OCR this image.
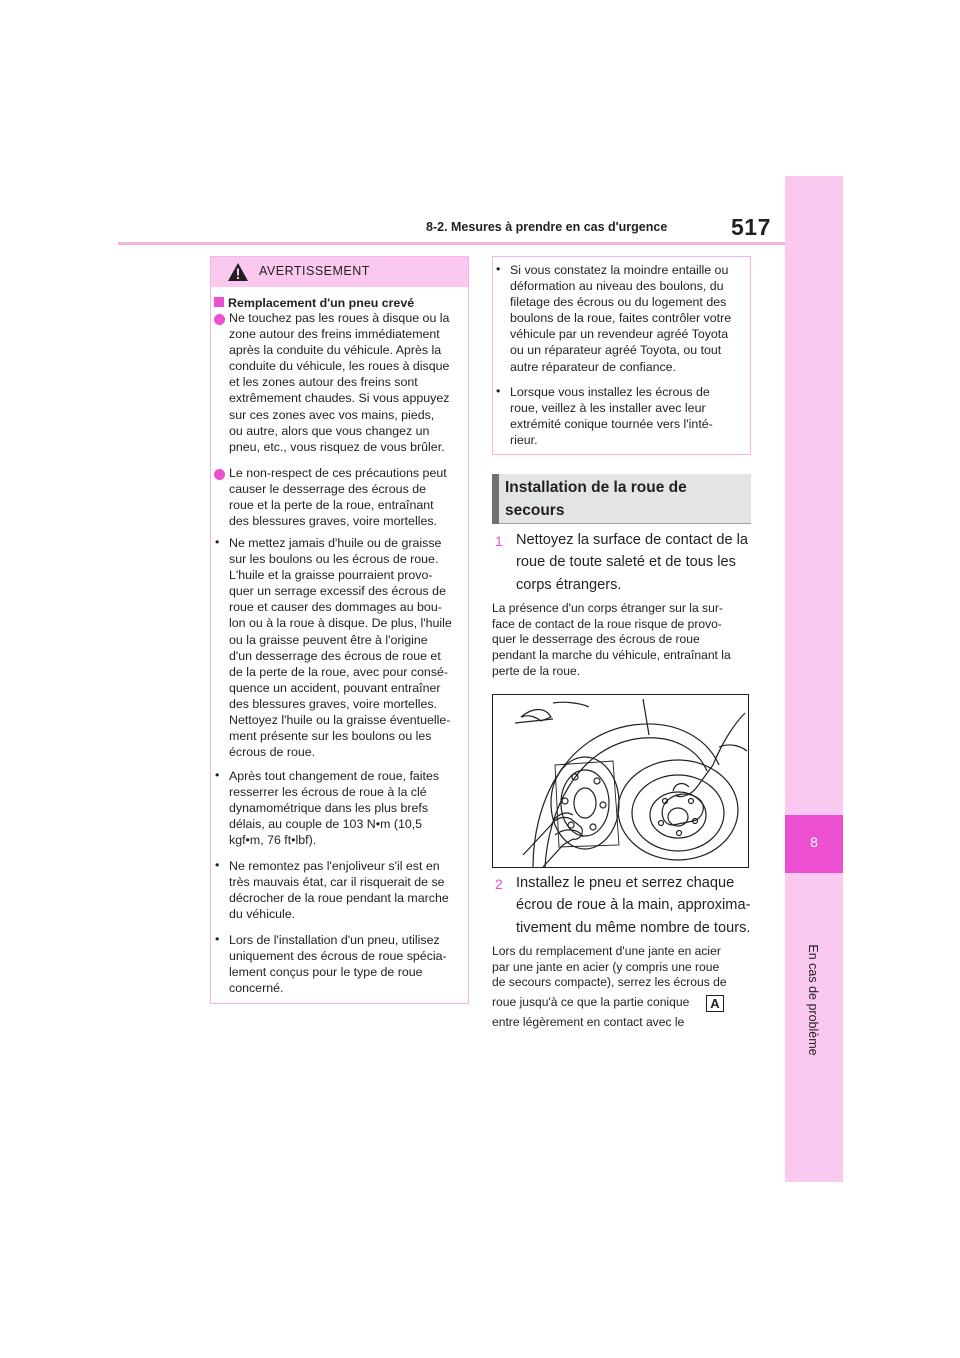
8-2. Mesures à prendre en cas d'urgence	517
8
En cas de problème
AVERTISSEMENT
Remplacement d'un pneu crevé
Ne touchez pas les roues à disque ou la
zone autour des freins immédiatement
après la conduite du véhicule. Après la
conduite du véhicule, les roues à disque
et les zones autour des freins sont
extrêmement chaudes. Si vous appuyez
sur ces zones avec vos mains, pieds,
ou autre, alors que vous changez un
pneu, etc., vous risquez de vous brûler.
Le non-respect de ces précautions peut
causer le desserrage des écrous de
roue et la perte de la roue, entraînant
des blessures graves, voire mortelles.
• Ne mettez jamais d'huile ou de graisse
sur les boulons ou les écrous de roue.
L'huile et la graisse pourraient provo-
quer un serrage excessif des écrous de
roue et causer des dommages au bou-
lon ou à la roue à disque. De plus, l'huile
ou la graisse peuvent être à l'origine
d'un desserrage des écrous de roue et
de la perte de la roue, avec pour consé-
quence un accident, pouvant entraîner
des blessures graves, voire mortelles.
Nettoyez l'huile ou la graisse éventuelle-
ment présente sur les boulons ou les
écrous de roue.
• Après tout changement de roue, faites
resserrer les écrous de roue à la clé
dynamométrique dans les plus brefs
délais, au couple de 103 N•m (10,5
kgf•m, 76 ft•lbf).
• Ne remontez pas l'enjoliveur s'il est en
très mauvais état, car il risquerait de se
décrocher de la roue pendant la marche
du véhicule.
• Lors de l'installation d'un pneu, utilisez
uniquement des écrous de roue spécia-
lement conçus pour le type de roue
concerné.
• Si vous constatez la moindre entaille ou
déformation au niveau des boulons, du
filetage des écrous ou du logement des
boulons de la roue, faites contrôler votre
véhicule par un revendeur agréé Toyota
ou un réparateur agréé Toyota, ou tout
autre réparateur de confiance.
• Lorsque vous installez les écrous de
roue, veillez à les installer avec leur
extrémité conique tournée vers l'inté-
rieur.
Installation de la roue de
secours
1 Nettoyez la surface de contact de la
roue de toute saleté et de tous les
corps étrangers.
La présence d'un corps étranger sur la sur-
face de contact de la roue risque de provo-
quer le desserrage des écrous de roue
pendant la marche du véhicule, entraînant la
perte de la roue.
2 Installez le pneu et serrez chaque
écrou de roue à la main, approxima-
tivement du même nombre de tours.
Lors du remplacement d'une jante en acier
par une jante en acier (y compris une roue
de secours compacte), serrez les écrous de
roue jusqu'à ce que la partie conique
entre légèrement en contact avec le
A
